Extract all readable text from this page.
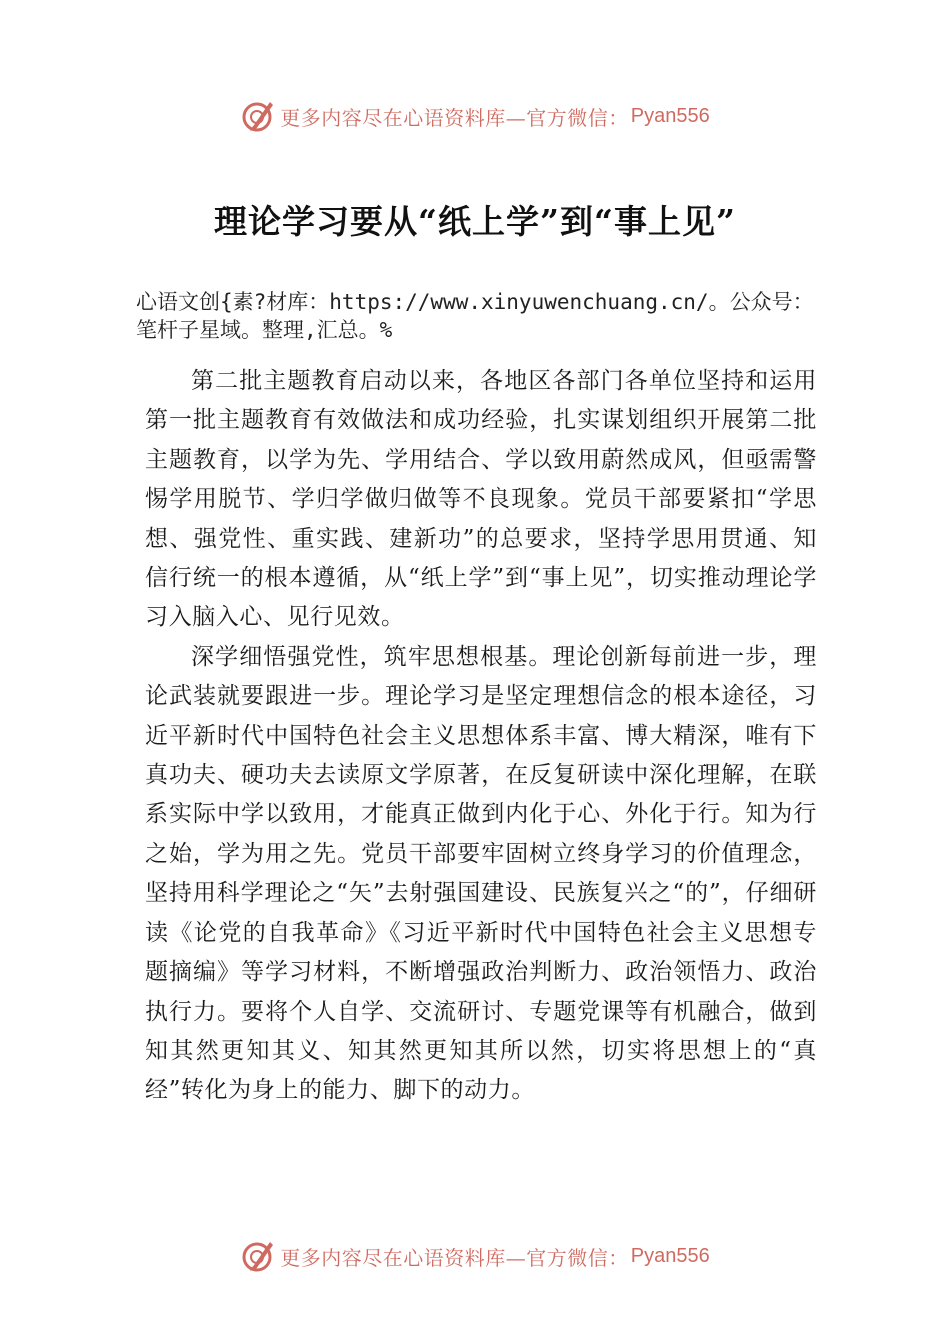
更多内容尽在心语资料库—官方微信： Pyan556
理论学习要从“纸上学”到“事上见”

心语文创{素?材库：https://www.xinyuwenchuang.cn/。公众号：笔杆子星域。整理,汇总。%

第二批主题教育启动以来，各地区各部门各单位坚持和运用第一批主题教育有效做法和成功经验，扎实谋划组织开展第二批主题教育，以学为先、学用结合、学以致用蔚然成风，但亟需警惕学用脱节、学归学做归做等不良现象。党员干部要紧扣“学思想、强党性、重实践、建新功”的总要求，坚持学思用贯通、知信行统一的根本遵循，从“纸上学”到“事上见”，切实推动理论学习入脑入心、见行见效。

深学细悟强党性，筑牢思想根基。理论创新每前进一步，理论武装就要跟进一步。理论学习是坚定理想信念的根本途径，习近平新时代中国特色社会主义思想体系丰富、博大精深，唯有下真功夫、硬功夫去读原文学原著，在反复研读中深化理解，在联系实际中学以致用，才能真正做到内化于心、外化于行。知为行之始，学为用之先。党员干部要牢固树立终身学习的价值理念，坚持用科学理论之“矢”去射强国建设、民族复兴之“的”，仔细研读《论党的自我革命》《习近平新时代中国特色社会主义思想专题摘编》等学习材料，不断增强政治判断力、政治领悟力、政治执行力。要将个人自学、交流研讨、专题党课等有机融合，做到知其然更知其义、知其然更知其所以然，切实将思想上的“真经”转化为身上的能力、脚下的动力。

更多内容尽在心语资料库—官方微信： Pyan556
